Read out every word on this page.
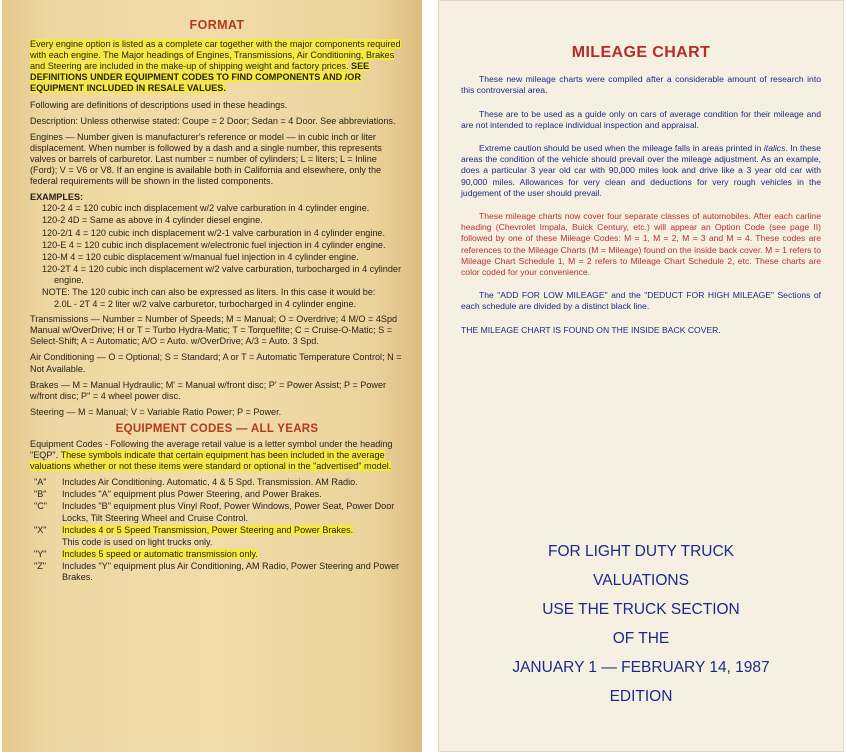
FORMAT

Every engine option is listed as a complete car together with the major components required with each engine. The Major headings of Engines, Transmissions, Air Conditioning, Brakes and Steering are included in the make-up of shipping weight and factory prices. SEE DEFINITIONS UNDER EQUIPMENT CODES TO FIND COMPONENTS AND /OR EQUIPMENT INCLUDED IN RESALE VALUES.

Following are definitions of descriptions used in these headings.

Description: Unless otherwise stated: Coupe = 2 Door; Sedan = 4 Door. See abbreviations.

Engines — Number given is manufacturer's reference or model — in cubic inch or liter displacement. When number is followed by a dash and a single number, this represents valves or barrels of carburetor. Last number = number of cylinders; L = liters; L = Inline (Ford); V = V6 or V8. If an engine is available both in California and elsewhere, only the federal requirements will be shown in the listed components.

EXAMPLES:

120-2 4 = 120 cubic inch displacement w/2 valve carburation in 4 cylinder engine.

120-2 4D = Same as above in 4 cylinder diesel engine.

120-2/1 4 = 120 cubic inch displacement w/2-1 valve carburation in 4 cylinder engine.

120-E 4 = 120 cubic inch displacement w/electronic fuel injection in 4 cylinder engine.

120-M 4 = 120 cubic displacement w/manual fuel injection in 4 cylinder engine.

120-2T 4 = 120 cubic inch displacement w/2 valve carburation, turbocharged in 4 cylinder engine.

NOTE: The 120 cubic inch can also be expressed as liters. In this case it would be:

2.0L - 2T 4 = 2 liter w/2 valve carburetor, turbocharged in 4 cylinder engine.

Transmissions — Number = Number of Speeds; M = Manual; O = Overdrive; 4 M/O = 4Spd Manual w/OverDrive; H or T = Turbo Hydra-Matic; T = Torqueflite; C = Cruise-O-Matic; S = Select-Shift; A = Automatic; A/O = Auto. w/OverDrive; A/3 = Auto. 3 Spd.

Air Conditioning — O = Optional; S = Standard; A or T = Automatic Temperature Control; N = Not Available.

Brakes — M = Manual Hydraulic; M' = Manual w/front disc; P' = Power Assist; P = Power w/front disc; P" = 4 wheel power disc.

Steering — M = Manual; V = Variable Ratio Power; P = Power.

EQUIPMENT CODES — ALL YEARS

Equipment Codes - Following the average retail value is a letter symbol under the heading "EQP". These symbols indicate that certain equipment has been included in the average valuations whether or not these items were standard or optional in the "advertised" model.

"A"	Includes Air Conditioning. Automatic, 4 & 5 Spd. Transmission. AM Radio.
"B"	Includes "A" equipment plus Power Steering, and Power Brakes.
"C"	Includes "B" equipment plus Vinyl Roof, Power Windows, Power Seat, Power Door Locks, Tilt Steering Wheel and Cruise Control.
"X"	Includes 4 or 5 Speed Transmission, Power Steering and Power Brakes.
This code is used on light trucks only.
"Y"	Includes 5 speed or automatic transmission only.
"Z"	Includes "Y" equipment plus Air Conditioning, AM Radio, Power Steering and Power Brakes.
MILEAGE CHART

These new mileage charts were compiled after a considerable amount of research into this controversial area.

These are to be used as a guide only on cars of average condition for their mileage and are not intended to replace individual inspection and appraisal.

Extreme caution should be used when the mileage falls in areas printed in italics. In these areas the condition of the vehicle should prevail over the mileage adjustment. As an example, does a particular 3 year old car with 90,000 miles look and drive like a 3 year old car with 90,000 miles. Allowances for very clean and deductions for very rough vehicles in the judgement of the user should prevail.

These mileage charts now cover four separate classes of automobiles. After each carline heading (Chevrolet Impala, Buick Century, etc.) will appear an Option Code (see page II) followed by one of these Mileage Codes: M = 1, M = 2, M = 3 and M = 4. These codes are references to the Mileage Charts (M = Mileage) found on the inside back cover. M = 1 refers to Mileage Chart Schedule 1, M = 2 refers to Mileage Chart Schedule 2, etc. These charts are color coded for your convenience.

The "ADD FOR LOW MILEAGE" and the "DEDUCT FOR HIGH MILEAGE" Sections of each schedule are divided by a distinct black line.

THE MILEAGE CHART IS FOUND ON THE INSIDE BACK COVER.

FOR LIGHT DUTY TRUCK
VALUATIONS
USE THE TRUCK SECTION
OF THE
JANUARY 1 — FEBRUARY 14, 1987
EDITION
